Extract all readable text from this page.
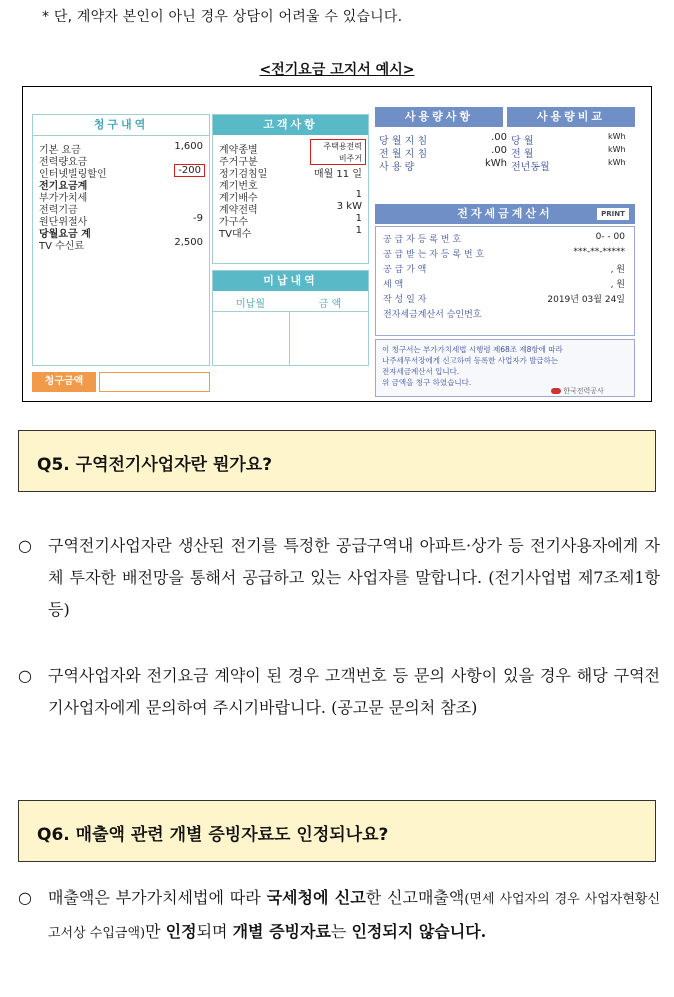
* 단, 계약자 본인이 아닌 경우 상담이 어려울 수 있습니다.
<전기요금 고지서 예시>
청구내역
기본 요금	1,600
전력량요금
인터넷빌링할인	-200
전기요금계
부가가치세
전력기금
원단위절사	-9
당월요금 계
TV 수신료	2,500
청구금액
고객사항
계약종별	주택용전력
주거구분	비주거
정기검침일	매월 11 일
계기번호
계기배수	1
계약전력	3 kW
가구수	1
TV대수	1
미납내역
미납월	금 액
사용량사항	사용량비교
전자세금계산서	PRINT
이 청구서는 부가가치세법 시행령 제68조 제8항에 따라
나주세무서장에게 신고하여 등록한 사업자가 발급하는
전자세금계산서 입니다.
위 금액을 청구 하였습니다.
한국전력공사
당 월 지 침	.00
전 월 지 침	.00
사 용 량	kWh
당 월	kWh
전 월	kWh
전년동월	kWh
공 급 자 등 록 번 호	0- - 00
공 급 받 는 자 등 록 번 호	***-**-*****
공 급 가 액	, 원
세 액	, 원
작 성 일 자	2019년 03월 24일
전자세금계산서 승인번호
Q5. 구역전기사업자란 뭔가요?
○ 구역전기사업자란 생산된 전기를 특정한 공급구역내 아파트·상가 등 전기사용자에게 자체 투자한 배전망을 통해서 공급하고 있는 사업자를 말합니다. (전기사업법 제7조제1항 등)
○ 구역사업자와 전기요금 계약이 된 경우 고객번호 등 문의 사항이 있을 경우 해당 구역전기사업자에게 문의하여 주시기바랍니다. (공고문 문의처 참조)
Q6. 매출액 관련 개별 증빙자료도 인정되나요?
○ 매출액은 부가가치세법에 따라 국세청에 신고한 신고매출액(면세 사업자의 경우 사업자현황신고서상 수입금액)만 인정되며 개별 증빙자료는 인정되지 않습니다.
